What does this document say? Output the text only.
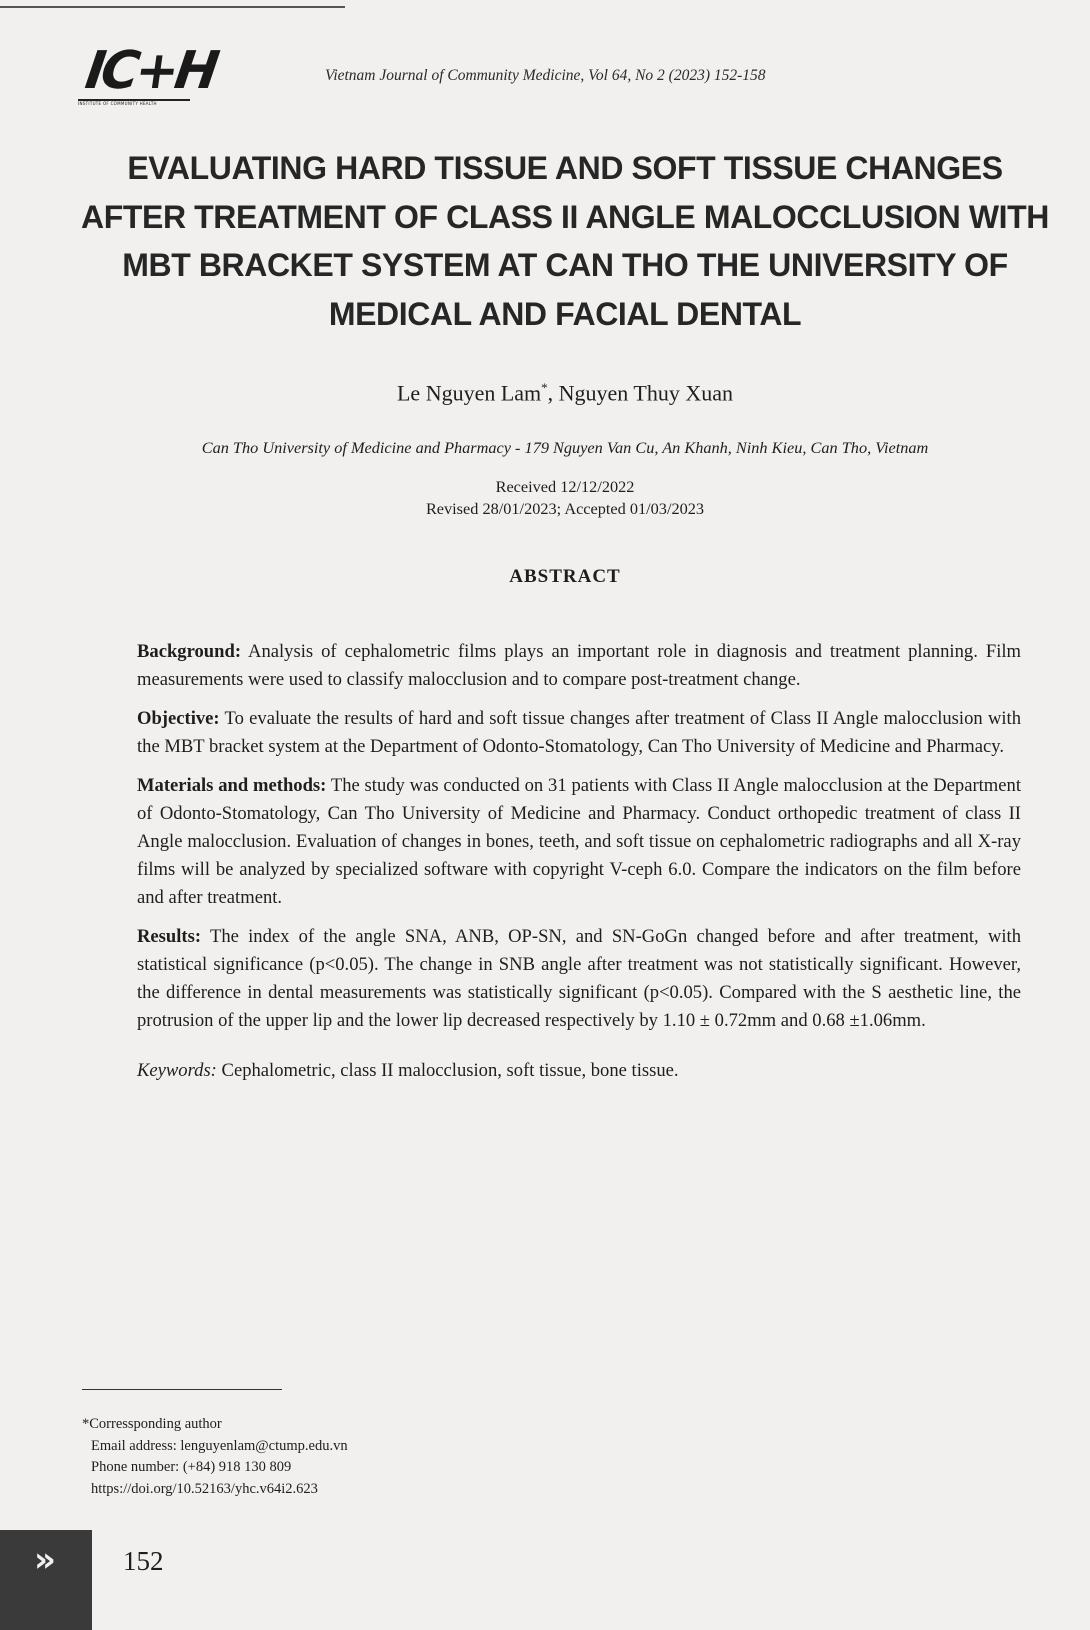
IC+H
INSTITUTE OF COMMUNITY HEALTH
Vietnam Journal of Community Medicine, Vol 64, No 2 (2023) 152-158
EVALUATING HARD TISSUE AND SOFT TISSUE CHANGES AFTER TREATMENT OF CLASS II ANGLE MALOCCLUSION WITH MBT BRACKET SYSTEM AT CAN THO THE UNIVERSITY OF MEDICAL AND FACIAL DENTAL
Le Nguyen Lam*, Nguyen Thuy Xuan
Can Tho University of Medicine and Pharmacy - 179 Nguyen Van Cu, An Khanh, Ninh Kieu, Can Tho, Vietnam
Received 12/12/2022
Revised 28/01/2023; Accepted 01/03/2023
ABSTRACT

Background: Analysis of cephalometric films plays an important role in diagnosis and treatment planning. Film measurements were used to classify malocclusion and to compare post-treatment change.

Objective: To evaluate the results of hard and soft tissue changes after treatment of Class II Angle malocclusion with the MBT bracket system at the Department of Odonto-Stomatology, Can Tho University of Medicine and Pharmacy.

Materials and methods: The study was conducted on 31 patients with Class II Angle malocclusion at the Department of Odonto-Stomatology, Can Tho University of Medicine and Pharmacy. Conduct orthopedic treatment of class II Angle malocclusion. Evaluation of changes in bones, teeth, and soft tissue on cephalometric radiographs and all X-ray films will be analyzed by specialized software with copyright V-ceph 6.0. Compare the indicators on the film before and after treatment.

Results: The index of the angle SNA, ANB, OP-SN, and SN-GoGn changed before and after treatment, with statistical significance (p<0.05). The change in SNB angle after treatment was not statistically significant. However, the difference in dental measurements was statistically significant (p<0.05). Compared with the S aesthetic line, the protrusion of the upper lip and the lower lip decreased respectively by 1.10 ± 0.72mm and 0.68 ±1.06mm.

Keywords: Cephalometric, class II malocclusion, soft tissue, bone tissue.

*Corressponding author
Email address: lenguyenlam@ctump.edu.vn
Phone number: (+84) 918 130 809
https://doi.org/10.52163/yhc.v64i2.623
»	152
